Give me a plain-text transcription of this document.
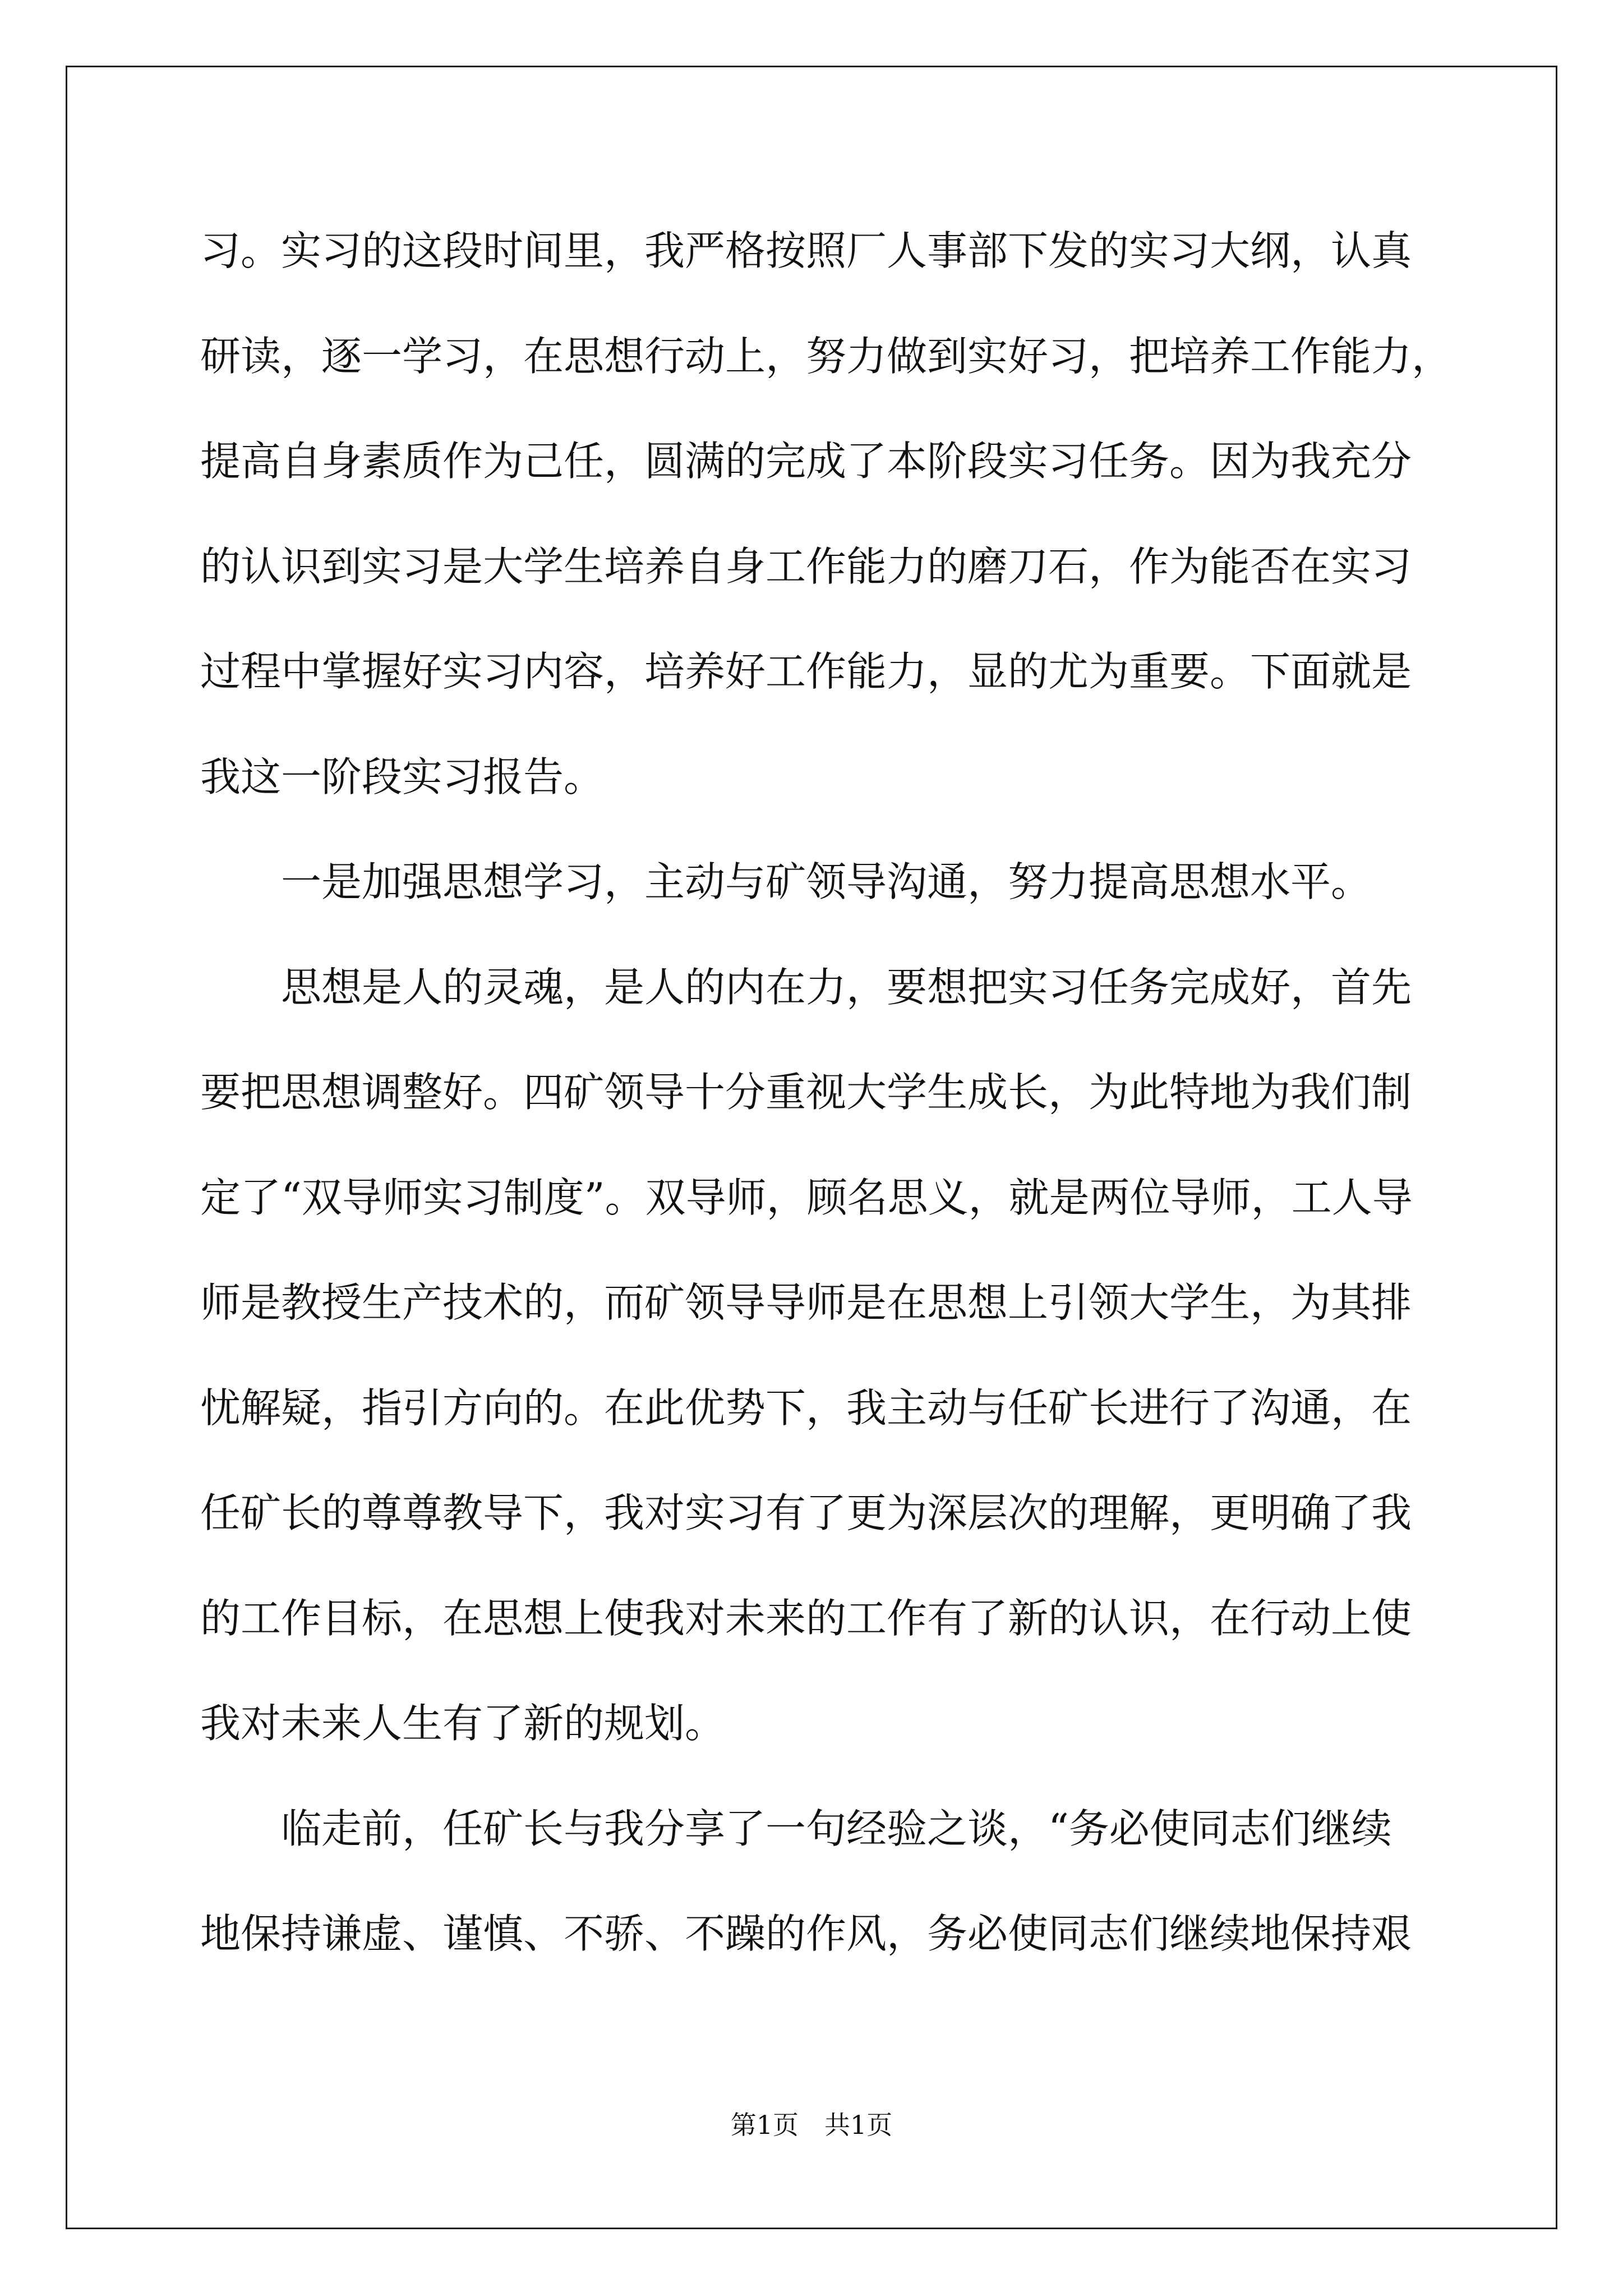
习。实习的这段时间里，我严格按照厂人事部下发的实习大纲，认真
研读，逐一学习，在思想行动上，努力做到实好习，把培养工作能力，
提高自身素质作为己任，圆满的完成了本阶段实习任务。因为我充分
的认识到实习是大学生培养自身工作能力的磨刀石，作为能否在实习
过程中掌握好实习内容，培养好工作能力，显的尤为重要。下面就是
我这一阶段实习报告。
　　一是加强思想学习，主动与矿领导沟通，努力提高思想水平。
　　思想是人的灵魂，是人的内在力，要想把实习任务完成好，首先
要把思想调整好。四矿领导十分重视大学生成长，为此特地为我们制
定了“双导师实习制度”。双导师，顾名思义，就是两位导师，工人导
师是教授生产技术的，而矿领导导师是在思想上引领大学生，为其排
忧解疑，指引方向的。在此优势下，我主动与任矿长进行了沟通，在
任矿长的尊尊教导下，我对实习有了更为深层次的理解，更明确了我
的工作目标，在思想上使我对未来的工作有了新的认识，在行动上使
我对未来人生有了新的规划。
　　临走前，任矿长与我分享了一句经验之谈，“务必使同志们继续
地保持谦虚、谨慎、不骄、不躁的作风，务必使同志们继续地保持艰
第1页　共1页
